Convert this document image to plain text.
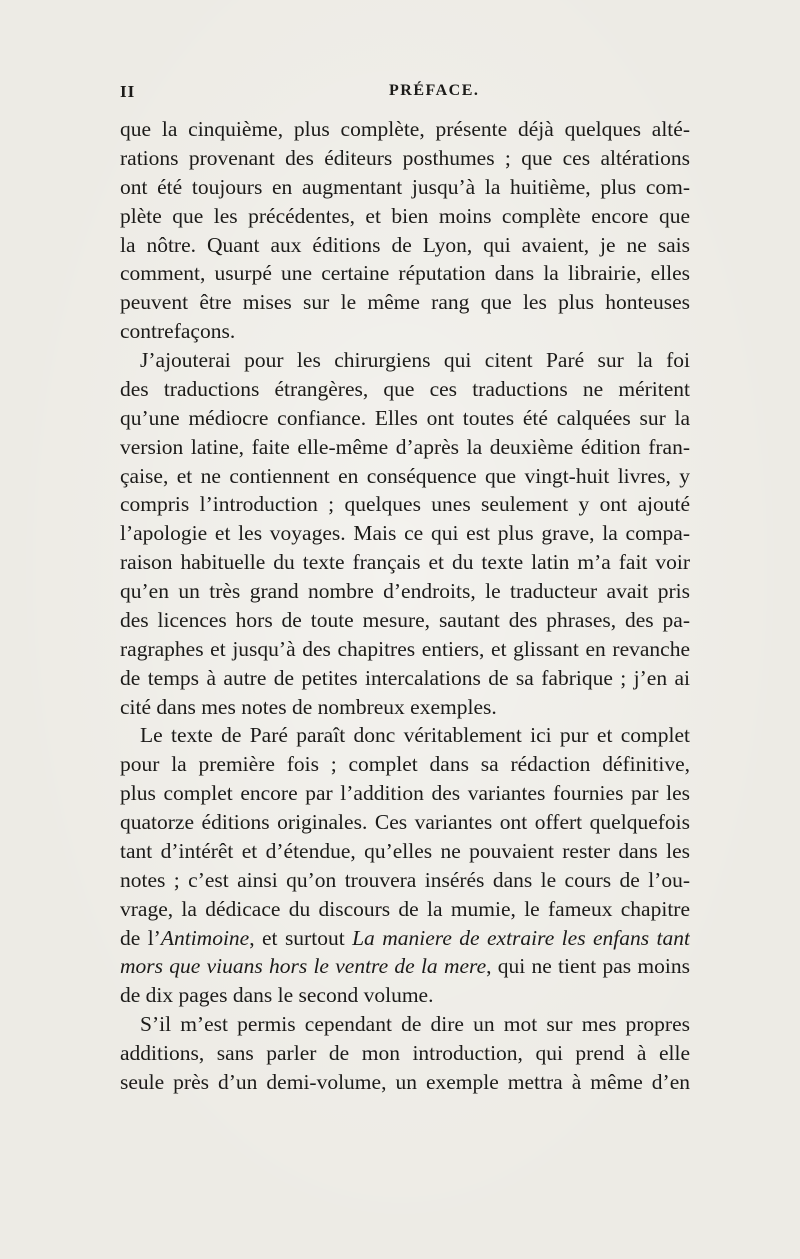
II	PRÉFACE.
que la cinquième, plus complète, présente déjà quelques alté-
rations provenant des éditeurs posthumes ; que ces altérations
ont été toujours en augmentant jusqu’à la huitième, plus com-
plète que les précédentes, et bien moins complète encore que
la nôtre. Quant aux éditions de Lyon, qui avaient, je ne sais
comment, usurpé une certaine réputation dans la librairie, elles
peuvent être mises sur le même rang que les plus honteuses
contrefaçons.
J’ajouterai pour les chirurgiens qui citent Paré sur la foi
des traductions étrangères, que ces traductions ne méritent
qu’une médiocre confiance. Elles ont toutes été calquées sur la
version latine, faite elle-même d’après la deuxième édition fran-
çaise, et ne contiennent en conséquence que vingt-huit livres, y
compris l’introduction ; quelques unes seulement y ont ajouté
l’apologie et les voyages. Mais ce qui est plus grave, la compa-
raison habituelle du texte français et du texte latin m’a fait voir
qu’en un très grand nombre d’endroits, le traducteur avait pris
des licences hors de toute mesure, sautant des phrases, des pa-
ragraphes et jusqu’à des chapitres entiers, et glissant en revanche
de temps à autre de petites intercalations de sa fabrique ; j’en ai
cité dans mes notes de nombreux exemples.
Le texte de Paré paraît donc véritablement ici pur et complet
pour la première fois ; complet dans sa rédaction définitive,
plus complet encore par l’addition des variantes fournies par les
quatorze éditions originales. Ces variantes ont offert quelquefois
tant d’intérêt et d’étendue, qu’elles ne pouvaient rester dans les
notes ; c’est ainsi qu’on trouvera insérés dans le cours de l’ou-
vrage, la dédicace du discours de la mumie, le fameux chapitre
de l’Antimoine, et surtout La maniere de extraire les enfans tant
mors que viuans hors le ventre de la mere, qui ne tient pas moins
de dix pages dans le second volume.
S’il m’est permis cependant de dire un mot sur mes propres
additions, sans parler de mon introduction, qui prend à elle
seule près d’un demi-volume, un exemple mettra à même d’en
